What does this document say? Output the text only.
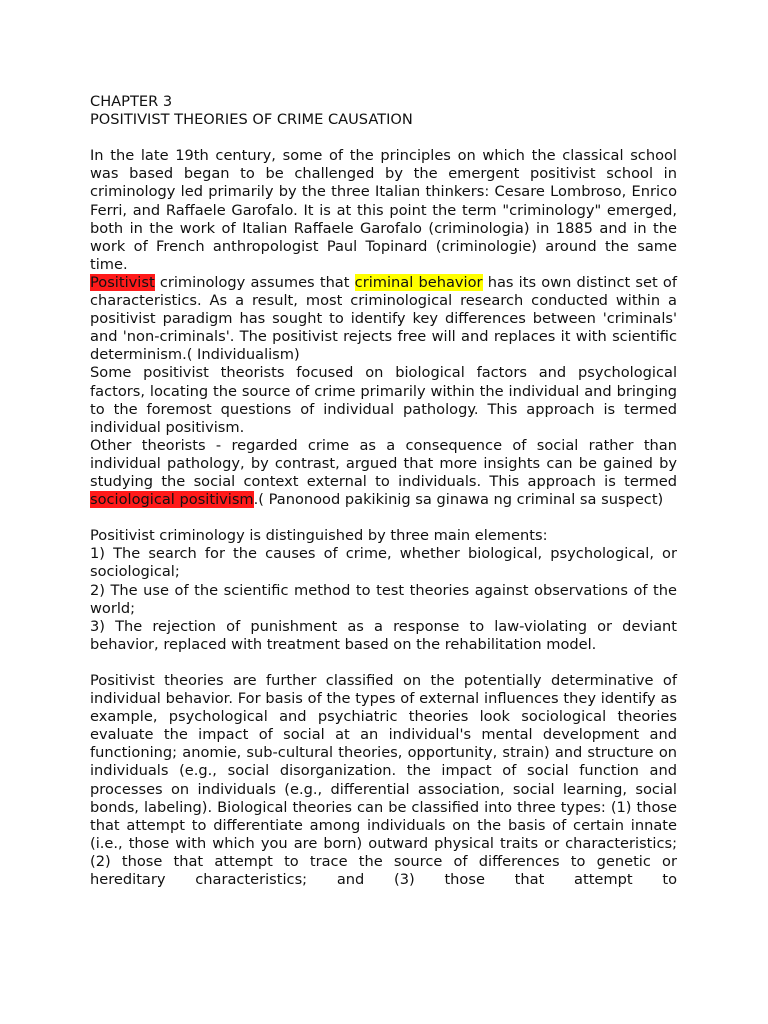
CHAPTER 3

POSITIVIST THEORIES OF CRIME CAUSATION

In the late 19th century, some of the principles on which the classical school was based began to be challenged by the emergent positivist school in criminology led primarily by the three Italian thinkers: Cesare Lombroso, Enrico Ferri, and Raffaele Garofalo. It is at this point the term "criminology" emerged, both in the work of Italian Raffaele Garofalo (criminologia) in 1885 and in the work of French anthropologist Paul Topinard (criminologie) around the same time.

Positivist criminology assumes that criminal behavior has its own distinct set of characteristics. As a result, most criminological research conducted within a positivist paradigm has sought to identify key differences between 'criminals' and 'non-criminals'. The positivist rejects free will and replaces it with scientific determinism.( Individualism)

Some positivist theorists focused on biological factors and psychological factors, locating the source of crime primarily within the individual and bringing to the foremost questions of individual pathology. This approach is termed individual positivism.

Other theorists - regarded crime as a consequence of social rather than individual pathology, by contrast, argued that more insights can be gained by studying the social context external to individuals. This approach is termed sociological positivism.( Panonood pakikinig sa ginawa ng criminal sa suspect)

Positivist criminology is distinguished by three main elements:

1) The search for the causes of crime, whether biological, psychological, or sociological;

2) The use of the scientific method to test theories against observations of the world;

3) The rejection of punishment as a response to law-violating or deviant behavior, replaced with treatment based on the rehabilitation model.

Positivist theories are further classified on the potentially determinative of individual behavior. For basis of the types of external influences they identify as example, psychological and psychiatric theories look sociological theories evaluate the impact of social at an individual's mental development and functioning; anomie, sub-cultural theories, opportunity, strain) and structure on individuals (e.g., social disorganization. the impact of social function and processes on individuals (e.g., differential association, social learning, social bonds, labeling). Biological theories can be classified into three types: (1) those that attempt to differentiate among individuals on the basis of certain innate (i.e., those with which you are born) outward physical traits or characteristics; (2) those that attempt to trace the source of differences to genetic or hereditary characteristics; and (3) those that attempt to
